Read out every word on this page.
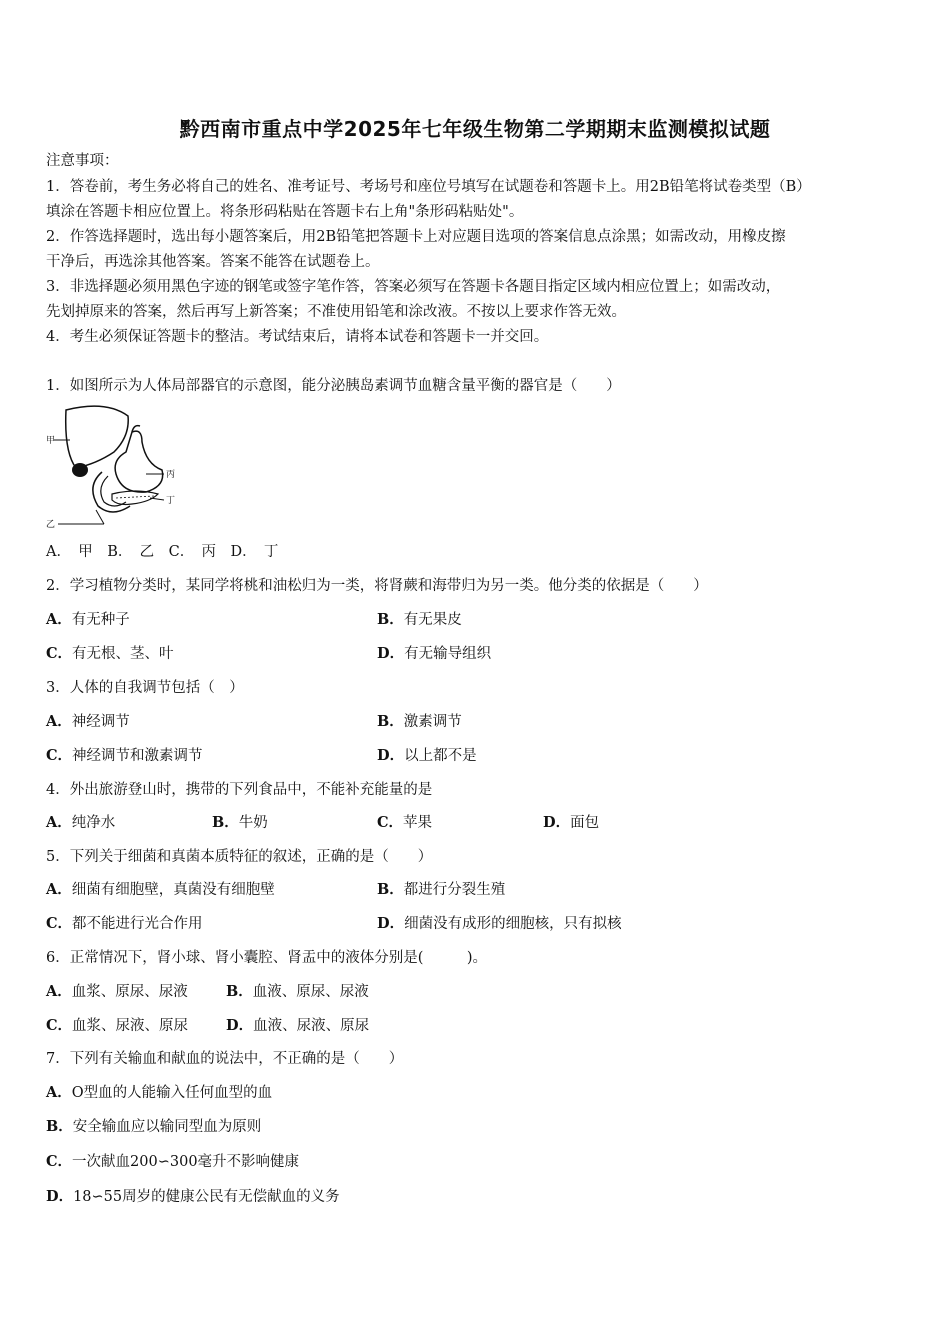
黔西南市重点中学2025年七年级生物第二学期期末监测模拟试题
注意事项：
1．答卷前，考生务必将自己的姓名、准考证号、考场号和座位号填写在试题卷和答题卡上。用2B铅笔将试卷类型（B）
填涂在答题卡相应位置上。将条形码粘贴在答题卡右上角"条形码粘贴处"。
2．作答选择题时，选出每小题答案后，用2B铅笔把答题卡上对应题目选项的答案信息点涂黑；如需改动，用橡皮擦
干净后，再选涂其他答案。答案不能答在试题卷上。
3．非选择题必须用黑色字迹的钢笔或签字笔作答，答案必须写在答题卡各题目指定区域内相应位置上；如需改动，
先划掉原来的答案，然后再写上新答案；不准使用铅笔和涂改液。不按以上要求作答无效。
4．考生必须保证答题卡的整洁。考试结束后，请将本试卷和答题卡一并交回。
1．如图所示为人体局部器官的示意图，能分泌胰岛素调节血糖含量平衡的器官是（　　）
甲
丙
丁
乙
A．　甲　B．　乙　C．　丙　D．　丁
2．学习植物分类时，某同学将桃和油松归为一类，将肾蕨和海带归为另一类。他分类的依据是（　　）
A．有无种子	B．有无果皮
C．有无根、茎、叶	D．有无输导组织
3．人体的自我调节包括（　）
A．神经调节	B．激素调节
C．神经调节和激素调节	D．以上都不是
4．外出旅游登山时，携带的下列食品中，不能补充能量的是
A．纯净水	B．牛奶	C．苹果	D．面包
5．下列关于细菌和真菌本质特征的叙述，正确的是（　　）
A．细菌有细胞壁，真菌没有细胞壁	B．都进行分裂生殖
C．都不能进行光合作用	D．细菌没有成形的细胞核，只有拟核
6．正常情况下，肾小球、肾小囊腔、肾盂中的液体分别是(　　　)。
A．血浆、原尿、尿液	B．血液、原尿、尿液
C．血浆、尿液、原尿	D．血液、尿液、原尿
7．下列有关输血和献血的说法中，不正确的是（　　）
A．O型血的人能输入任何血型的血
B．安全输血应以输同型血为原则
C．一次献血200∽300毫升不影响健康
D．18∽55周岁的健康公民有无偿献血的义务
